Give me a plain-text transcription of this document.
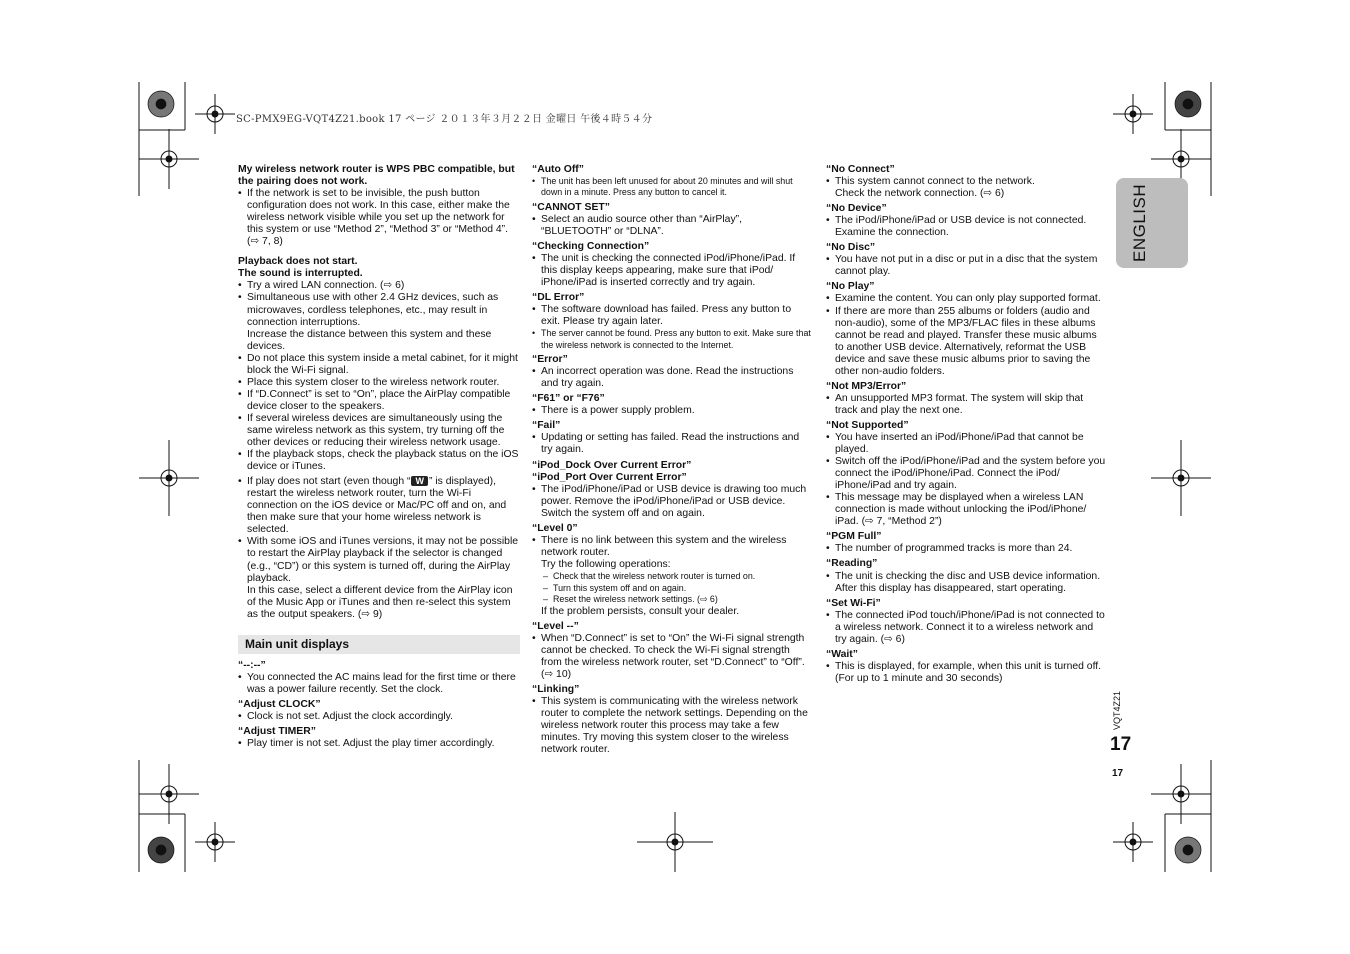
SC-PMX9EG-VQT4Z21.book 17 ページ ２０１３年３月２２日 金曜日 午後４時５４分

My wireless network router is WPS PBC compatible, but the pairing does not work.

• If the network is set to be invisible, the push button configuration does not work. In this case, either make the wireless network visible while you set up the network for this system or use “Method 2”, “Method 3” or “Method 4”. (⇨ 7, 8)

Playback does not start.

The sound is interrupted.

• Try a wired LAN connection. (⇨ 6)
• Simultaneous use with other 2.4 GHz devices, such as microwaves, cordless telephones, etc., may result in connection interruptions.
Increase the distance between this system and these devices.
• Do not place this system inside a metal cabinet, for it might block the Wi-Fi signal.
• Place this system closer to the wireless network router.
• If “D.Connect” is set to “On”, place the AirPlay compatible device closer to the speakers.
• If several wireless devices are simultaneously using the same wireless network as this system, try turning off the other devices or reducing their wireless network usage.
• If the playback stops, check the playback status on the iOS device or iTunes.
• If play does not start (even though “ W ” is displayed), restart the wireless network router, turn the Wi-Fi connection on the iOS device or Mac/PC off and on, and then make sure that your home wireless network is selected.
• With some iOS and iTunes versions, it may not be possible to restart the AirPlay playback if the selector is changed (e.g., “CD”) or this system is turned off, during the AirPlay playback.
In this case, select a different device from the AirPlay icon of the Music App or iTunes and then re-select this system as the output speakers. (⇨ 9)
Main unit displays

“--:--”

• You connected the AC mains lead for the first time or there was a power failure recently. Set the clock.

“Adjust CLOCK”

• Clock is not set. Adjust the clock accordingly.

“Adjust TIMER”

• Play timer is not set. Adjust the play timer accordingly.

“Auto Off”

• The unit has been left unused for about 20 minutes and will shut down in a minute. Press any button to cancel it.

“CANNOT SET”

• Select an audio source other than “AirPlay”, “BLUETOOTH” or “DLNA”.

“Checking Connection”

• The unit is checking the connected iPod/iPhone/iPad. If this display keeps appearing, make sure that iPod/ iPhone/iPad is inserted correctly and try again.

“DL Error”

• The software download has failed. Press any button to exit. Please try again later.
• The server cannot be found. Press any button to exit. Make sure that the wireless network is connected to the Internet.

“Error”

• An incorrect operation was done. Read the instructions and try again.

“F61” or “F76”

• There is a power supply problem.

“Fail”

• Updating or setting has failed. Read the instructions and try again.

“iPod_Dock Over Current Error”

“iPod_Port Over Current Error”

• The iPod/iPhone/iPad or USB device is drawing too much power. Remove the iPod/iPhone/iPad or USB device. Switch the system off and on again.

“Level 0”

• There is no link between this system and the wireless network router.
Try the following operations:
– Check that the wireless network router is turned on.
– Turn this system off and on again.
– Reset the wireless network settings. (⇨ 6)
If the problem persists, consult your dealer.

“Level --”

• When “D.Connect” is set to “On” the Wi-Fi signal strength cannot be checked. To check the Wi-Fi signal strength from the wireless network router, set “D.Connect” to “Off”. (⇨ 10)

“Linking”

• This system is communicating with the wireless network router to complete the network settings. Depending on the wireless network router this process may take a few minutes. Try moving this system closer to the wireless network router.

“No Connect”

• This system cannot connect to the network.
Check the network connection. (⇨ 6)

“No Device”

• The iPod/iPhone/iPad or USB device is not connected. Examine the connection.

“No Disc”

• You have not put in a disc or put in a disc that the system cannot play.

“No Play”

• Examine the content. You can only play supported format.
• If there are more than 255 albums or folders (audio and non-audio), some of the MP3/FLAC files in these albums cannot be read and played. Transfer these music albums to another USB device. Alternatively, reformat the USB device and save these music albums prior to saving the other non-audio folders.

“Not MP3/Error”

• An unsupported MP3 format. The system will skip that track and play the next one.

“Not Supported”

• You have inserted an iPod/iPhone/iPad that cannot be played.
• Switch off the iPod/iPhone/iPad and the system before you connect the iPod/iPhone/iPad. Connect the iPod/ iPhone/iPad and try again.
• This message may be displayed when a wireless LAN connection is made without unlocking the iPod/iPhone/ iPad. (⇨ 7, “Method 2”)

“PGM Full”

• The number of programmed tracks is more than 24.

“Reading”

• The unit is checking the disc and USB device information. After this display has disappeared, start operating.

“Set Wi-Fi”

• The connected iPod touch/iPhone/iPad is not connected to a wireless network. Connect it to a wireless network and try again. (⇨ 6)

“Wait”

• This is displayed, for example, when this unit is turned off. (For up to 1 minute and 30 seconds)
ENGLISH
VQT4Z21
17
17
